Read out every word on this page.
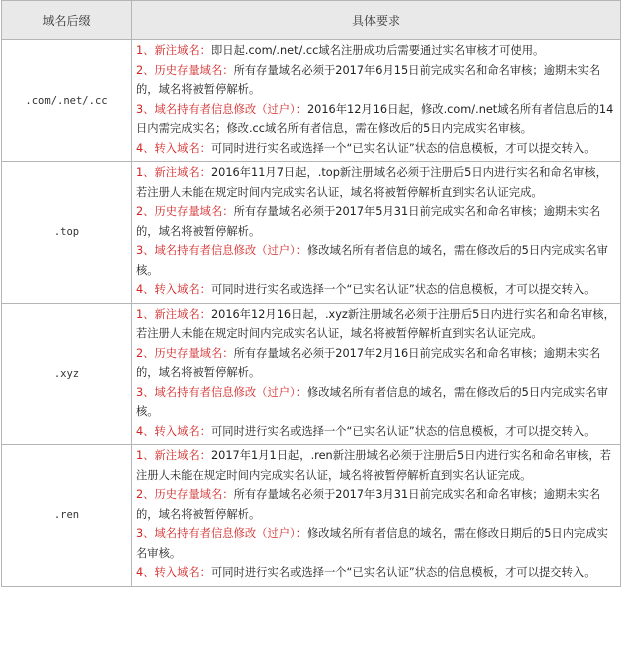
域名后缀	具体要求
.com/.net/.cc	1、新注域名：即日起.com/.net/.cc域名注册成功后需要通过实名审核才可使用。

2、历史存量域名：所有存量域名必须于2017年6月15日前完成实名和命名审核；逾期未实名的，域名将被暂停解析。

3、域名持有者信息修改（过户）：2016年12月16日起，修改.com/.net域名所有者信息后的14日内需完成实名；修改.cc域名所有者信息，需在修改后的5日内完成实名审核。

4、转入域名：可同时进行实名或选择一个“已实名认证”状态的信息模板，才可以提交转入。

.top	1、新注域名：2016年11月7日起，.top新注册域名必须于注册后5日内进行实名和命名审核，若注册人未能在规定时间内完成实名认证，域名将被暂停解析直到实名认证完成。

2、历史存量域名：所有存量域名必须于2017年5月31日前完成实名和命名审核；逾期未实名的，域名将被暂停解析。

3、域名持有者信息修改（过户）：修改域名所有者信息的域名，需在修改后的5日内完成实名审核。

4、转入域名：可同时进行实名或选择一个“已实名认证”状态的信息模板，才可以提交转入。

.xyz	1、新注域名：2016年12月16日起，.xyz新注册域名必须于注册后5日内进行实名和命名审核，若注册人未能在规定时间内完成实名认证，域名将被暂停解析直到实名认证完成。

2、历史存量域名：所有存量域名必须于2017年2月16日前完成实名和命名审核；逾期未实名的，域名将被暂停解析。

3、域名持有者信息修改（过户）：修改域名所有者信息的域名，需在修改后的5日内完成实名审核。

4、转入域名：可同时进行实名或选择一个“已实名认证”状态的信息模板，才可以提交转入。

.ren	1、新注域名：2017年1月1日起，.ren新注册域名必须于注册后5日内进行实名和命名审核，若注册人未能在规定时间内完成实名认证，域名将被暂停解析直到实名认证完成。

2、历史存量域名：所有存量域名必须于2017年3月31日前完成实名和命名审核；逾期未实名的，域名将被暂停解析。

3、域名持有者信息修改（过户）：修改域名所有者信息的域名，需在修改日期后的5日内完成实名审核。

4、转入域名：可同时进行实名或选择一个“已实名认证”状态的信息模板，才可以提交转入。
